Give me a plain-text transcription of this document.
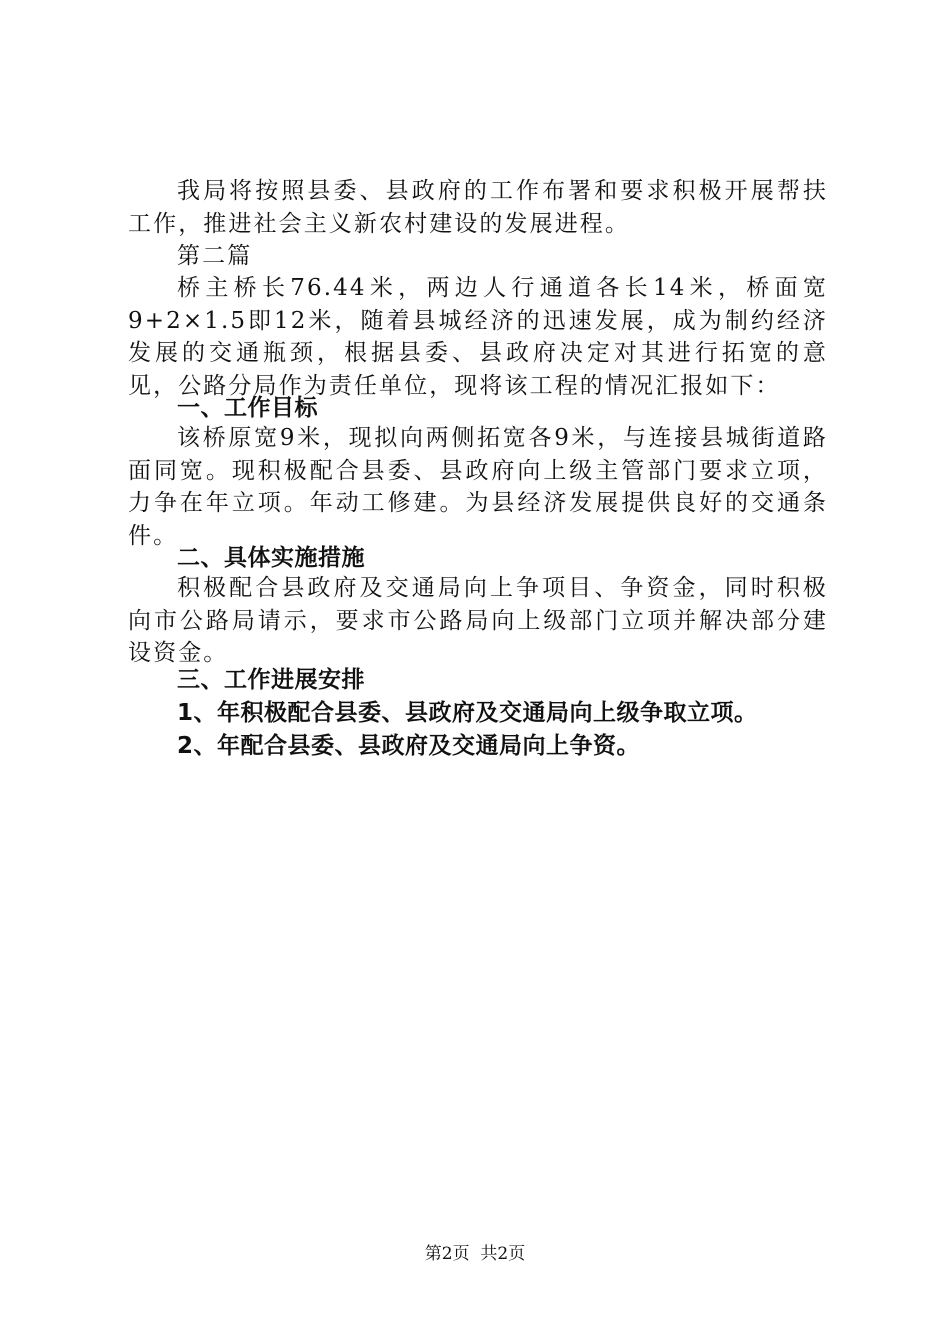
我局将按照县委、县政府的工作布署和要求积极开展帮扶工作，推进社会主义新农村建设的发展进程。

第二篇

桥主桥长76.44米，两边人行通道各长14米，桥面宽9+2×1.5即12米，随着县城经济的迅速发展，成为制约经济发展的交通瓶颈，根据县委、县政府决定对其进行拓宽的意见，公路分局作为责任单位，现将该工程的情况汇报如下：

一、工作目标

该桥原宽9米，现拟向两侧拓宽各9米，与连接县城街道路面同宽。现积极配合县委、县政府向上级主管部门要求立项，力争在年立项。年动工修建。为县经济发展提供良好的交通条件。

二、具体实施措施

积极配合县政府及交通局向上争项目、争资金，同时积极向市公路局请示，要求市公路局向上级部门立项并解决部分建设资金。

三、工作进展安排

1、年积极配合县委、县政府及交通局向上级争取立项。

2、年配合县委、县政府及交通局向上争资。

第2页 共2页
